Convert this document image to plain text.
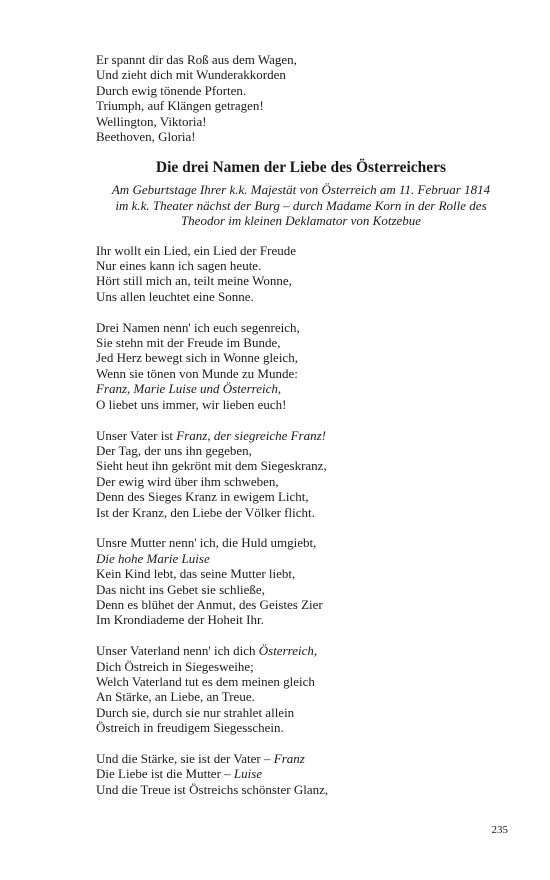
Er spannt dir das Roß aus dem Wagen,
Und zieht dich mit Wunderakkorden
Durch ewig tönende Pforten.
Triumph, auf Klängen getragen!
Wellington, Viktoria!
Beethoven, Gloria!
Die drei Namen der Liebe des Österreichers
Am Geburtstage Ihrer k.k. Majestät von Österreich am 11. Februar 1814
im k.k. Theater nächst der Burg – durch Madame Korn in der Rolle des
Theodor im kleinen Deklamator von Kotzebue
Ihr wollt ein Lied, ein Lied der Freude
Nur eines kann ich sagen heute.
Hört still mich an, teilt meine Wonne,
Uns allen leuchtet eine Sonne.
Drei Namen nenn' ich euch segenreich,
Sie stehn mit der Freude im Bunde,
Jed Herz bewegt sich in Wonne gleich,
Wenn sie tönen von Munde zu Munde:
Franz, Marie Luise und Österreich,
O liebet uns immer, wir lieben euch!
Unser Vater ist Franz, der siegreiche Franz!
Der Tag, der uns ihn gegeben,
Sieht heut ihn gekrönt mit dem Siegeskranz,
Der ewig wird über ihm schweben,
Denn des Sieges Kranz in ewigem Licht,
Ist der Kranz, den Liebe der Völker flicht.
Unsre Mutter nenn' ich, die Huld umgiebt,
Die hohe Marie Luise
Kein Kind lebt, das seine Mutter liebt,
Das nicht ins Gebet sie schließe,
Denn es blühet der Anmut, des Geistes Zier
Im Krondiademe der Hoheit Ihr.
Unser Vaterland nenn' ich dich Österreich,
Dich Östreich in Siegesweihe;
Welch Vaterland tut es dem meinen gleich
An Stärke, an Liebe, an Treue.
Durch sie, durch sie nur strahlet allein
Östreich in freudigem Siegesschein.
Und die Stärke, sie ist der Vater – Franz
Die Liebe ist die Mutter – Luise
Und die Treue ist Östreichs schönster Glanz,
235
